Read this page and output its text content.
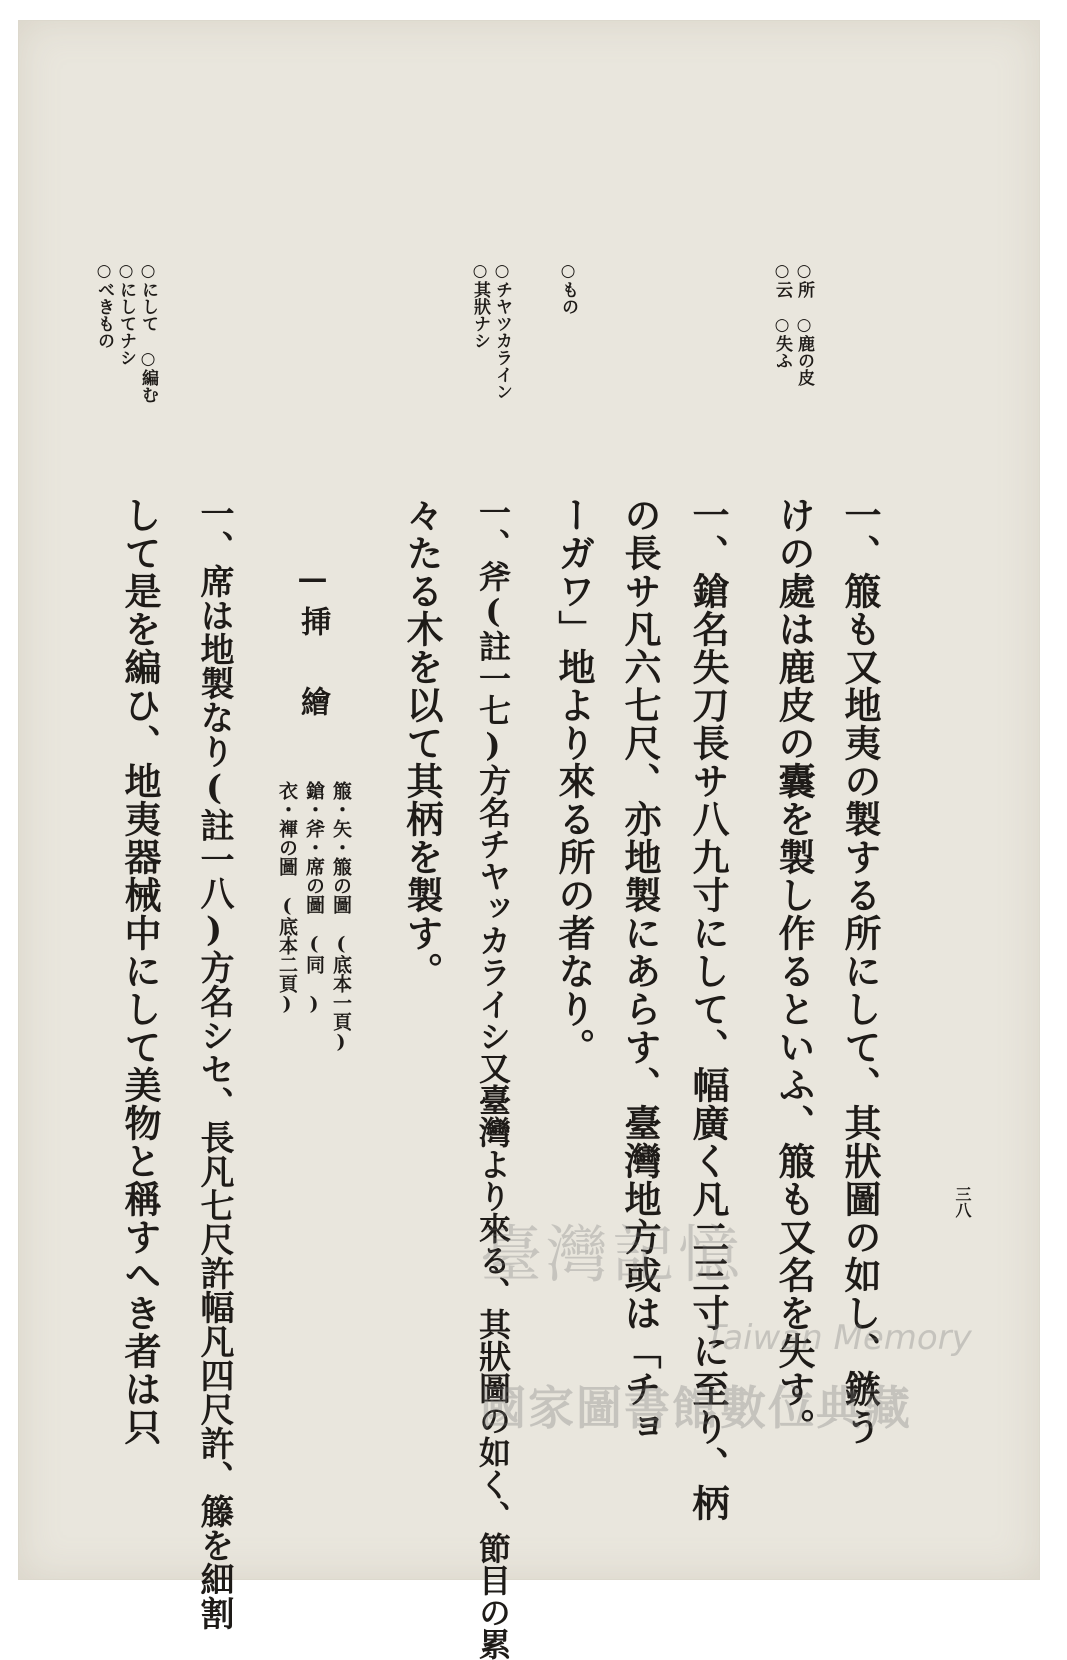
三八
○所　○鹿の皮
○云　○失ふ
○もの
○チヤツカライン
○其狀ナシ
○にして　○編む
○にしてナシ
○べきもの
一、箙も又地夷の製する所にして、其狀圖の如し、鏃う
けの處は鹿皮の囊を製し作るといふ、箙も又名を失す。
一、鎗名失刀長サ八九寸にして、幅廣く凡二三寸に至り、柄
の長サ凡六七尺、亦地製にあらす、臺灣地方或は「チョ
ーガワ」地より來る所の者なり。
一、斧(註一七)方名チヤッカライシ又臺灣より來る、其狀圖の如く、節目の累
々たる木を以て其柄を製す。
—挿　繪
箙・矢・箙の圖　(底本一頁)
鎗・斧・席の圖　(同　)
衣・褌の圖　(底本二頁)
一、席は地製なり(註一八)方名シセ、長凡七尺許幅凡四尺許、籐を細割
して是を編ひ、地夷器械中にして美物と稱すへき者は只	臺灣記憶
Taiwan Memory
國家圖書館數位典藏
